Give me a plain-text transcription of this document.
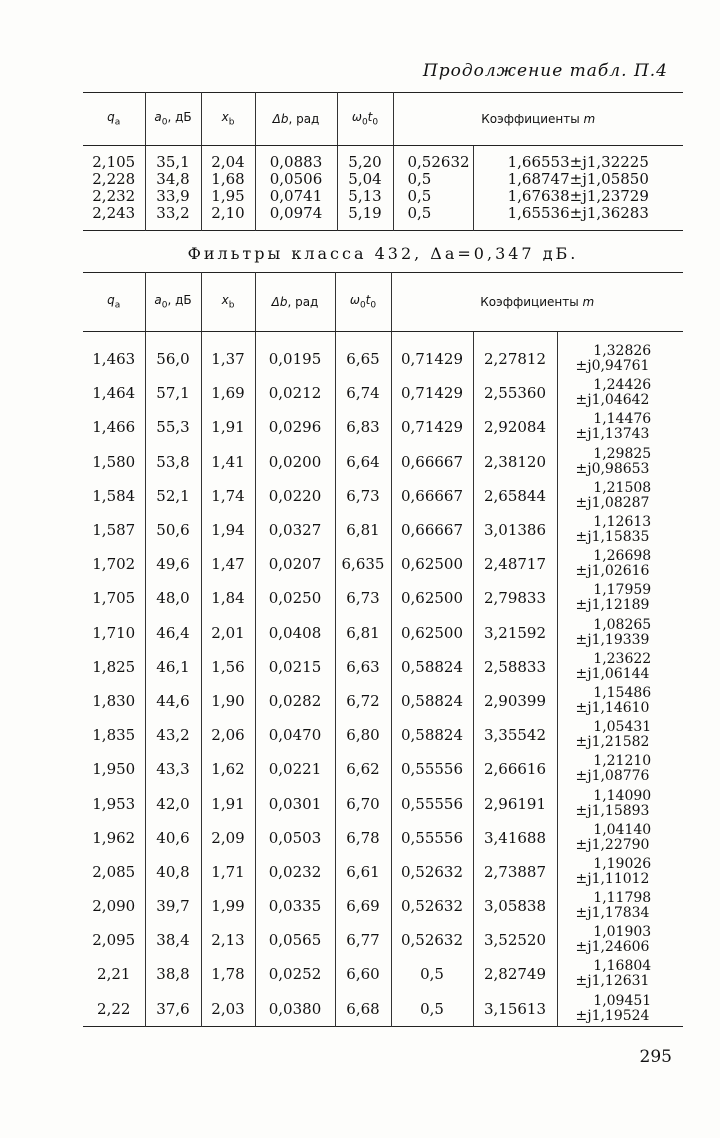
Продолжение табл. П.4
$q_a$	$a_0$, дБ	$x_b$	Δb, рад	$\omega_0t_0$	Коэффициенты m	

2,105	35,1	2,04	0,0883	5,20	0,52632	1,66553±j1,32225
2,228	34,8	1,68	0,0506	5,04	0,5	1,68747±j1,05850
2,232	33,9	1,95	0,0741	5,13	0,5	1,67638±j1,23729
2,243	33,2	2,10	0,0974	5,19	0,5	1,65536±j1,36283

Фильтры класса 432, Δa=0,347 дБ.
$q_a$	$a_0$, дБ	$x_b$	Δb, рад	$\omega_0t_0$	Коэффициенты m		

1,463	56,0	1,37	0,0195	6,65	0,71429	2,27812	1,32826
±j0,94761

1,464	57,1	1,69	0,0212	6,74	0,71429	2,55360	1,24426
±j1,04642

1,466	55,3	1,91	0,0296	6,83	0,71429	2,92084	1,14476
±j1,13743

1,580	53,8	1,41	0,0200	6,64	0,66667	2,38120	1,29825
±j0,98653

1,584	52,1	1,74	0,0220	6,73	0,66667	2,65844	1,21508
±j1,08287

1,587	50,6	1,94	0,0327	6,81	0,66667	3,01386	1,12613
±j1,15835

1,702	49,6	1,47	0,0207	6,635	0,62500	2,48717	1,26698
±j1,02616

1,705	48,0	1,84	0,0250	6,73	0,62500	2,79833	1,17959
±j1,12189

1,710	46,4	2,01	0,0408	6,81	0,62500	3,21592	1,08265
±j1,19339

1,825	46,1	1,56	0,0215	6,63	0,58824	2,58833	1,23622
±j1,06144

1,830	44,6	1,90	0,0282	6,72	0,58824	2,90399	1,15486
±j1,14610

1,835	43,2	2,06	0,0470	6,80	0,58824	3,35542	1,05431
±j1,21582

1,950	43,3	1,62	0,0221	6,62	0,55556	2,66616	1,21210
±j1,08776

1,953	42,0	1,91	0,0301	6,70	0,55556	2,96191	1,14090
±j1,15893

1,962	40,6	2,09	0,0503	6,78	0,55556	3,41688	1,04140
±j1,22790

2,085	40,8	1,71	0,0232	6,61	0,52632	2,73887	1,19026
±j1,11012

2,090	39,7	1,99	0,0335	6,69	0,52632	3,05838	1,11798
±j1,17834

2,095	38,4	2,13	0,0565	6,77	0,52632	3,52520	1,01903
±j1,24606

2,21	38,8	1,78	0,0252	6,60	0,5	2,82749	1,16804
±j1,12631

2,22	37,6	2,03	0,0380	6,68	0,5	3,15613	1,09451
±j1,19524
295
